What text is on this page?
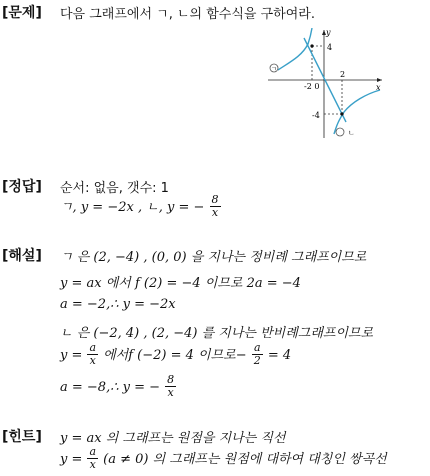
[문제] 다음 그래프에서 ㄱ, ㄴ의 함수식을 구하여라.
y
x
4
2
-4
-2 0
ㄱ
ㄴ
[정답] 순서: 없음, 갯수: 1
ㄱ, y = −2x , ㄴ, y = − $\frac{8}{x}$
[해설] ㄱ 은 (2, −4) , (0, 0) 을 지나는 정비례 그래프이므로
y = ax 에서 f (2) = −4 이므로 2a = −4
a = −2,∴ y = −2x
ㄴ 은 (−2, 4) , (2, −4) 를 지나는 반비례그래프이므로
$y = \frac{a}{x}$ 에서f (−2) = 4 이므로− $\frac{a}{2} = 4$
a = −8,∴ y = − $\frac{8}{x}$
[힌트] y = ax 의 그래프는 원점을 지나는 직선
$y = \frac{a}{x} (a \ne 0)$ 의 그래프는 원점에 대하여 대칭인 쌍곡선
